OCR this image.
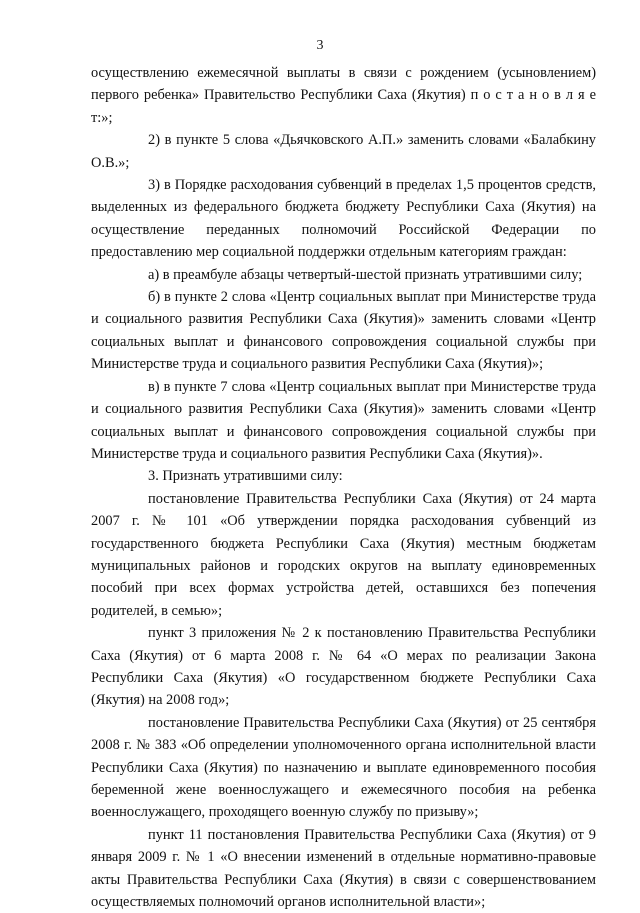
3

осуществлению ежемесячной выплаты в связи с рождением (усыновлением) первого ребенка» Правительство Республики Саха (Якутия) п о с т а н о в л я е т:»;

2) в пункте 5 слова «Дьячковского А.П.» заменить словами «Балабкину О.В.»;

3) в Порядке расходования субвенций в пределах 1,5 процентов средств, выделенных из федерального бюджета бюджету Республики Саха (Якутия) на осуществление переданных полномочий Российской Федерации по предоставлению мер социальной поддержки отдельным категориям граждан:

а) в преамбуле абзацы четвертый-шестой признать утратившими силу;

б) в пункте 2 слова «Центр социальных выплат при Министерстве труда и социального развития Республики Саха (Якутия)» заменить словами «Центр социальных выплат и финансового сопровождения социальной службы при Министерстве труда и социального развития Республики Саха (Якутия)»;

в) в пункте 7 слова «Центр социальных выплат при Министерстве труда и социального развития Республики Саха (Якутия)» заменить словами «Центр социальных выплат и финансового сопровождения социальной службы при Министерстве труда и социального развития Республики Саха (Якутия)».

3. Признать утратившими силу:

постановление Правительства Республики Саха (Якутия) от 24 марта 2007 г. № 101 «Об утверждении порядка расходования субвенций из государственного бюджета Республики Саха (Якутия) местным бюджетам муниципальных районов и городских округов на выплату единовременных пособий при всех формах устройства детей, оставшихся без попечения родителей, в семью»;

пункт 3 приложения № 2 к постановлению Правительства Республики Саха (Якутия) от 6 марта 2008 г. № 64 «О мерах по реализации Закона Республики Саха (Якутия) «О государственном бюджете Республики Саха (Якутия) на 2008 год»;

постановление Правительства Республики Саха (Якутия) от 25 сентября 2008 г. № 383 «Об определении уполномоченного органа исполнительной власти Республики Саха (Якутия) по назначению и выплате единовременного пособия беременной жене военнослужащего и ежемесячного пособия на ребенка военнослужащего, проходящего военную службу по призыву»;

пункт 11 постановления Правительства Республики Саха (Якутия) от 9 января 2009 г. № 1 «О внесении изменений в отдельные нормативно-правовые акты Правительства Республики Саха (Якутия) в связи с совершенствованием осуществляемых полномочий органов исполнительной власти»;
